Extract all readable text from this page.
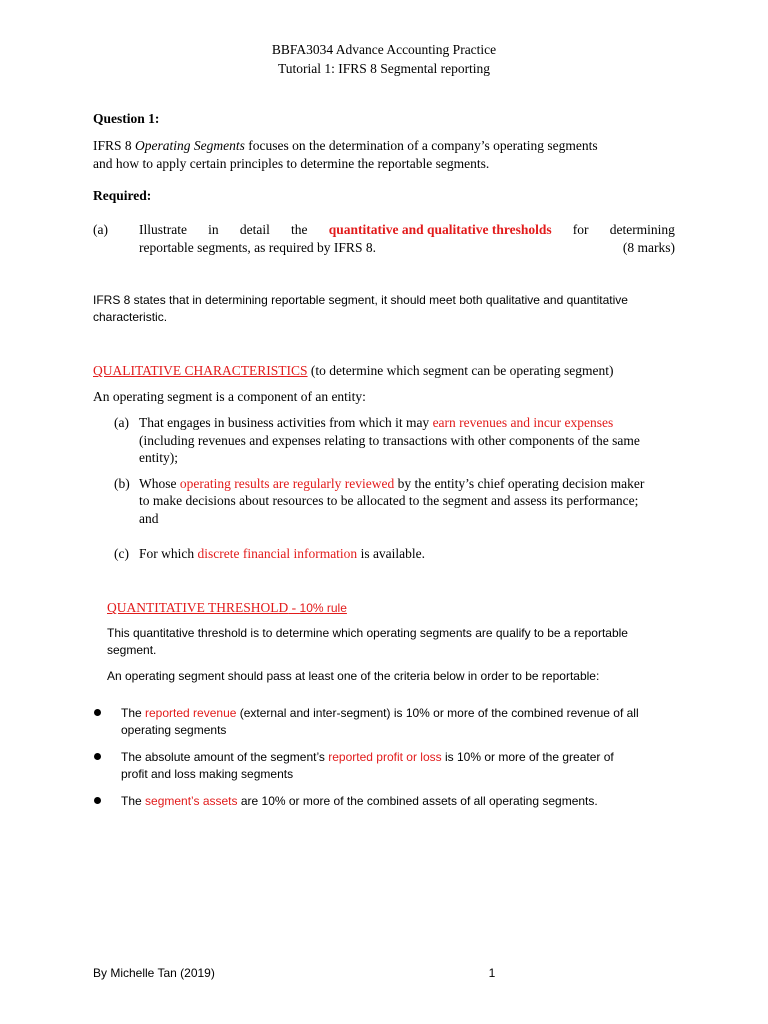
BBFA3034 Advance Accounting Practice
Tutorial 1: IFRS 8 Segmental reporting
Question 1:
IFRS 8 Operating Segments focuses on the determination of a company’s operating segments
and how to apply certain principles to determine the reportable segments.
Required:
(a) Illustrate in detail the quantitative and qualitative thresholds for determining
reportable segments, as required by IFRS 8.	(8 marks)
IFRS 8 states that in determining reportable segment, it should meet both qualitative and quantitative
characteristic.
QUALITATIVE CHARACTERISTICS (to determine which segment can be operating segment)
An operating segment is a component of an entity:
(a) That engages in business activities from which it may earn revenues and incur expenses
(including revenues and expenses relating to transactions with other components of the same
entity);
(b) Whose operating results are regularly reviewed by the entity’s chief operating decision maker
to make decisions about resources to be allocated to the segment and assess its performance;
and
(c) For which discrete financial information is available.
QUANTITATIVE THRESHOLD - 10% rule
This quantitative threshold is to determine which operating segments are qualify to be a reportable
segment.
An operating segment should pass at least one of the criteria below in order to be reportable:
The reported revenue (external and inter-segment) is 10% or more of the combined revenue of all
operating segments
The absolute amount of the segment’s reported profit or loss is 10% or more of the greater of
profit and loss making segments
The segment’s assets are 10% or more of the combined assets of all operating segments.
By Michelle Tan (2019)	1
